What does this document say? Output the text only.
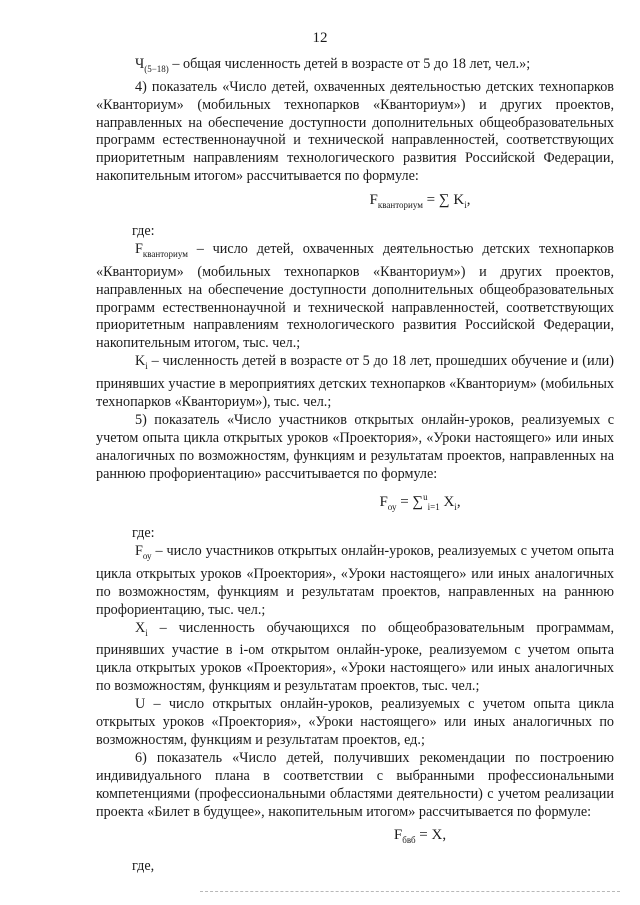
12

$Ч_{(5-18)}$ – общая численность детей в возрасте от 5 до 18 лет, чел.»;

4) показатель «Число детей, охваченных деятельностью детских технопарков «Кванториум» (мобильных технопарков «Кванториум») и других проектов, направленных на обеспечение доступности дополнительных общеобразовательных программ естественнонаучной и технической направленностей, соответствующих приоритетным направлениям технологического развития Российской Федерации, накопительным итогом» рассчитывается по формуле:

$F_{кванториум}$ = ∑ $K_i$,

где:

$F_{кванториум}$ – число детей, охваченных деятельностью детских технопарков «Кванториум» (мобильных технопарков «Кванториум») и других проектов, направленных на обеспечение доступности дополнительных общеобразовательных программ естественнонаучной и технической направленностей, соответствующих приоритетным направлениям технологического развития Российской Федерации, накопительным итогом, тыс. чел.;

$K_i$ – численность детей в возрасте от 5 до 18 лет, прошедших обучение и (или) принявших участие в мероприятиях детских технопарков «Кванториум» (мобильных технопарков «Кванториум»), тыс. чел.;

5) показатель «Число участников открытых онлайн-уроков, реализуемых с учетом опыта цикла открытых уроков «Проектория», «Уроки настоящего» или иных аналогичных по возможностям, функциям и результатам проектов, направленных на раннюю профориентацию» рассчитывается по формуле:

$F_{оу} = \sum^u_{i=1}$ $X_i$,

где:

$F_{оу}$ – число участников открытых онлайн-уроков, реализуемых с учетом опыта цикла открытых уроков «Проектория», «Уроки настоящего» или иных аналогичных по возможностям, функциям и результатам проектов, направленных на раннюю профориентацию, тыс. чел.;

$X_i$ – численность обучающихся по общеобразовательным программам, принявших участие в i-ом открытом онлайн-уроке, реализуемом с учетом опыта цикла открытых уроков «Проектория», «Уроки настоящего» или иных аналогичных по возможностям, функциям и результатам проектов, тыс. чел.;

U – число открытых онлайн-уроков, реализуемых с учетом опыта цикла открытых уроков «Проектория», «Уроки настоящего» или иных аналогичных по возможностям, функциям и результатам проектов, ед.;

6) показатель «Число детей, получивших рекомендации по построению индивидуального плана в соответствии с выбранными профессиональными компетенциями (профессиональными областями деятельности) с учетом реализации проекта «Билет в будущее», накопительным итогом» рассчитывается по формуле:

$F_{бвб} = X$,

где,
